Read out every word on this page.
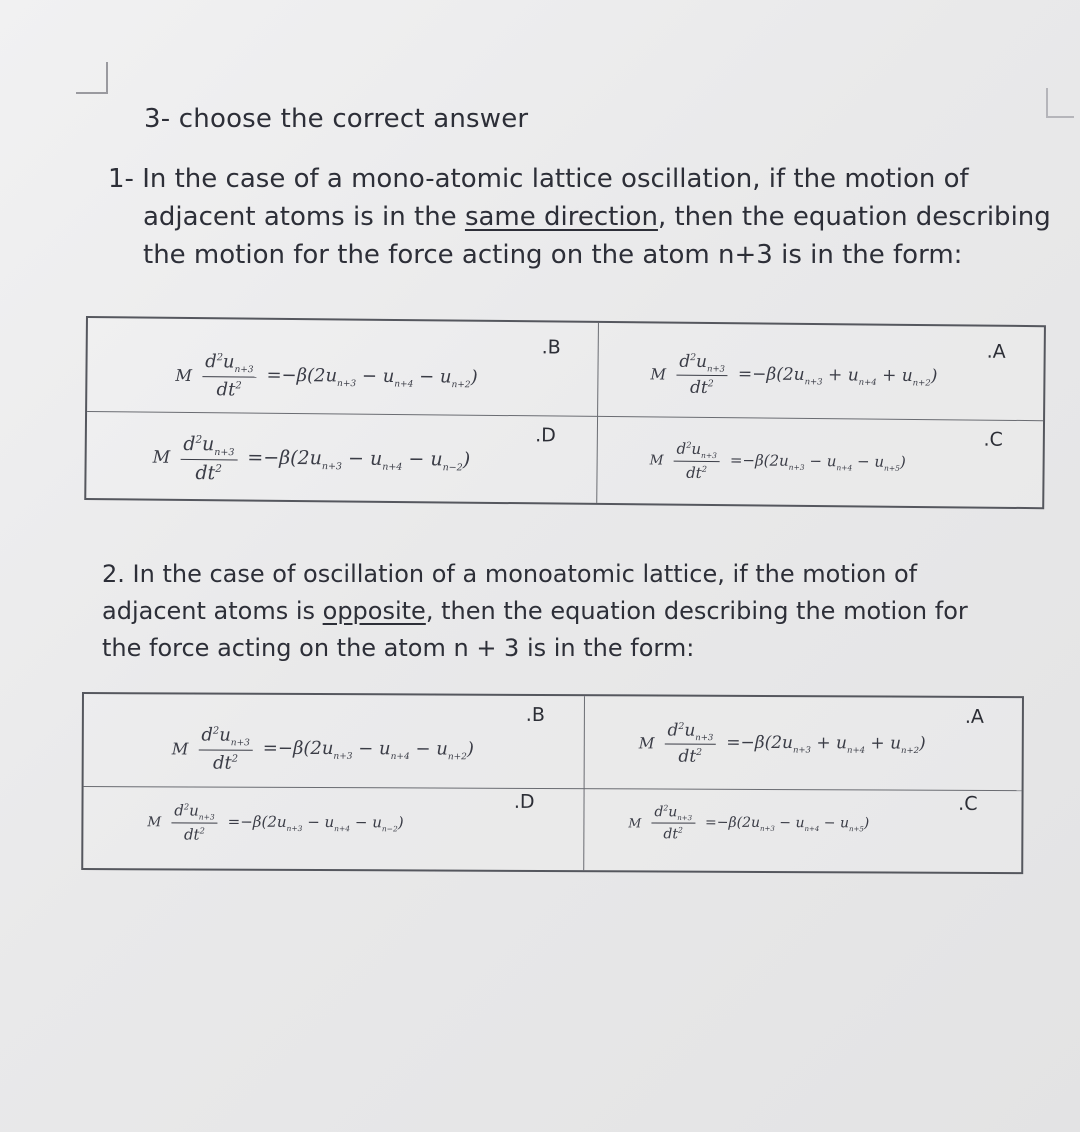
3- choose the correct answer
1- In the case of a mono-atomic lattice oscillation, if the motion of
adjacent atoms is in the same direction, then the equation describing
the motion for the force acting on the atom n+3 is in the form:
.A
M $\frac{d^2u_{n+3}}{dt^2} =-\beta(2u_{n+3} + u_{n+4} + u_{n+2})$
.B
M $\frac{d^2u_{n+3}}{dt^2} =-\beta(2u_{n+3} - u_{n+4} - u_{n+2})$
.C
M $\frac{d^2u_{n+3}}{dt^2} =-\beta(2u_{n+3} - u_{n+4} - u_{n+5})$
.D
M $\frac{d^2u_{n+3}}{dt^2} =-\beta(2u_{n+3} - u_{n+4} - u_{n-2})$
2. In the case of oscillation of a monoatomic lattice, if the motion of
adjacent atoms is opposite, then the equation describing the motion for
the force acting on the atom n + 3 is in the form:
.A
M $\frac{d^2u_{n+3}}{dt^2} =-\beta(2u_{n+3} + u_{n+4} + u_{n+2})$
.B
M $\frac{d^2u_{n+3}}{dt^2} =-\beta(2u_{n+3} - u_{n+4} - u_{n+2})$
.C
M $\frac{d^2u_{n+3}}{dt^2} =-\beta(2u_{n+3} - u_{n+4} - u_{n+5})$
.D
M $\frac{d^2u_{n+3}}{dt^2} =-\beta(2u_{n+3} - u_{n+4} - u_{n-2})$
